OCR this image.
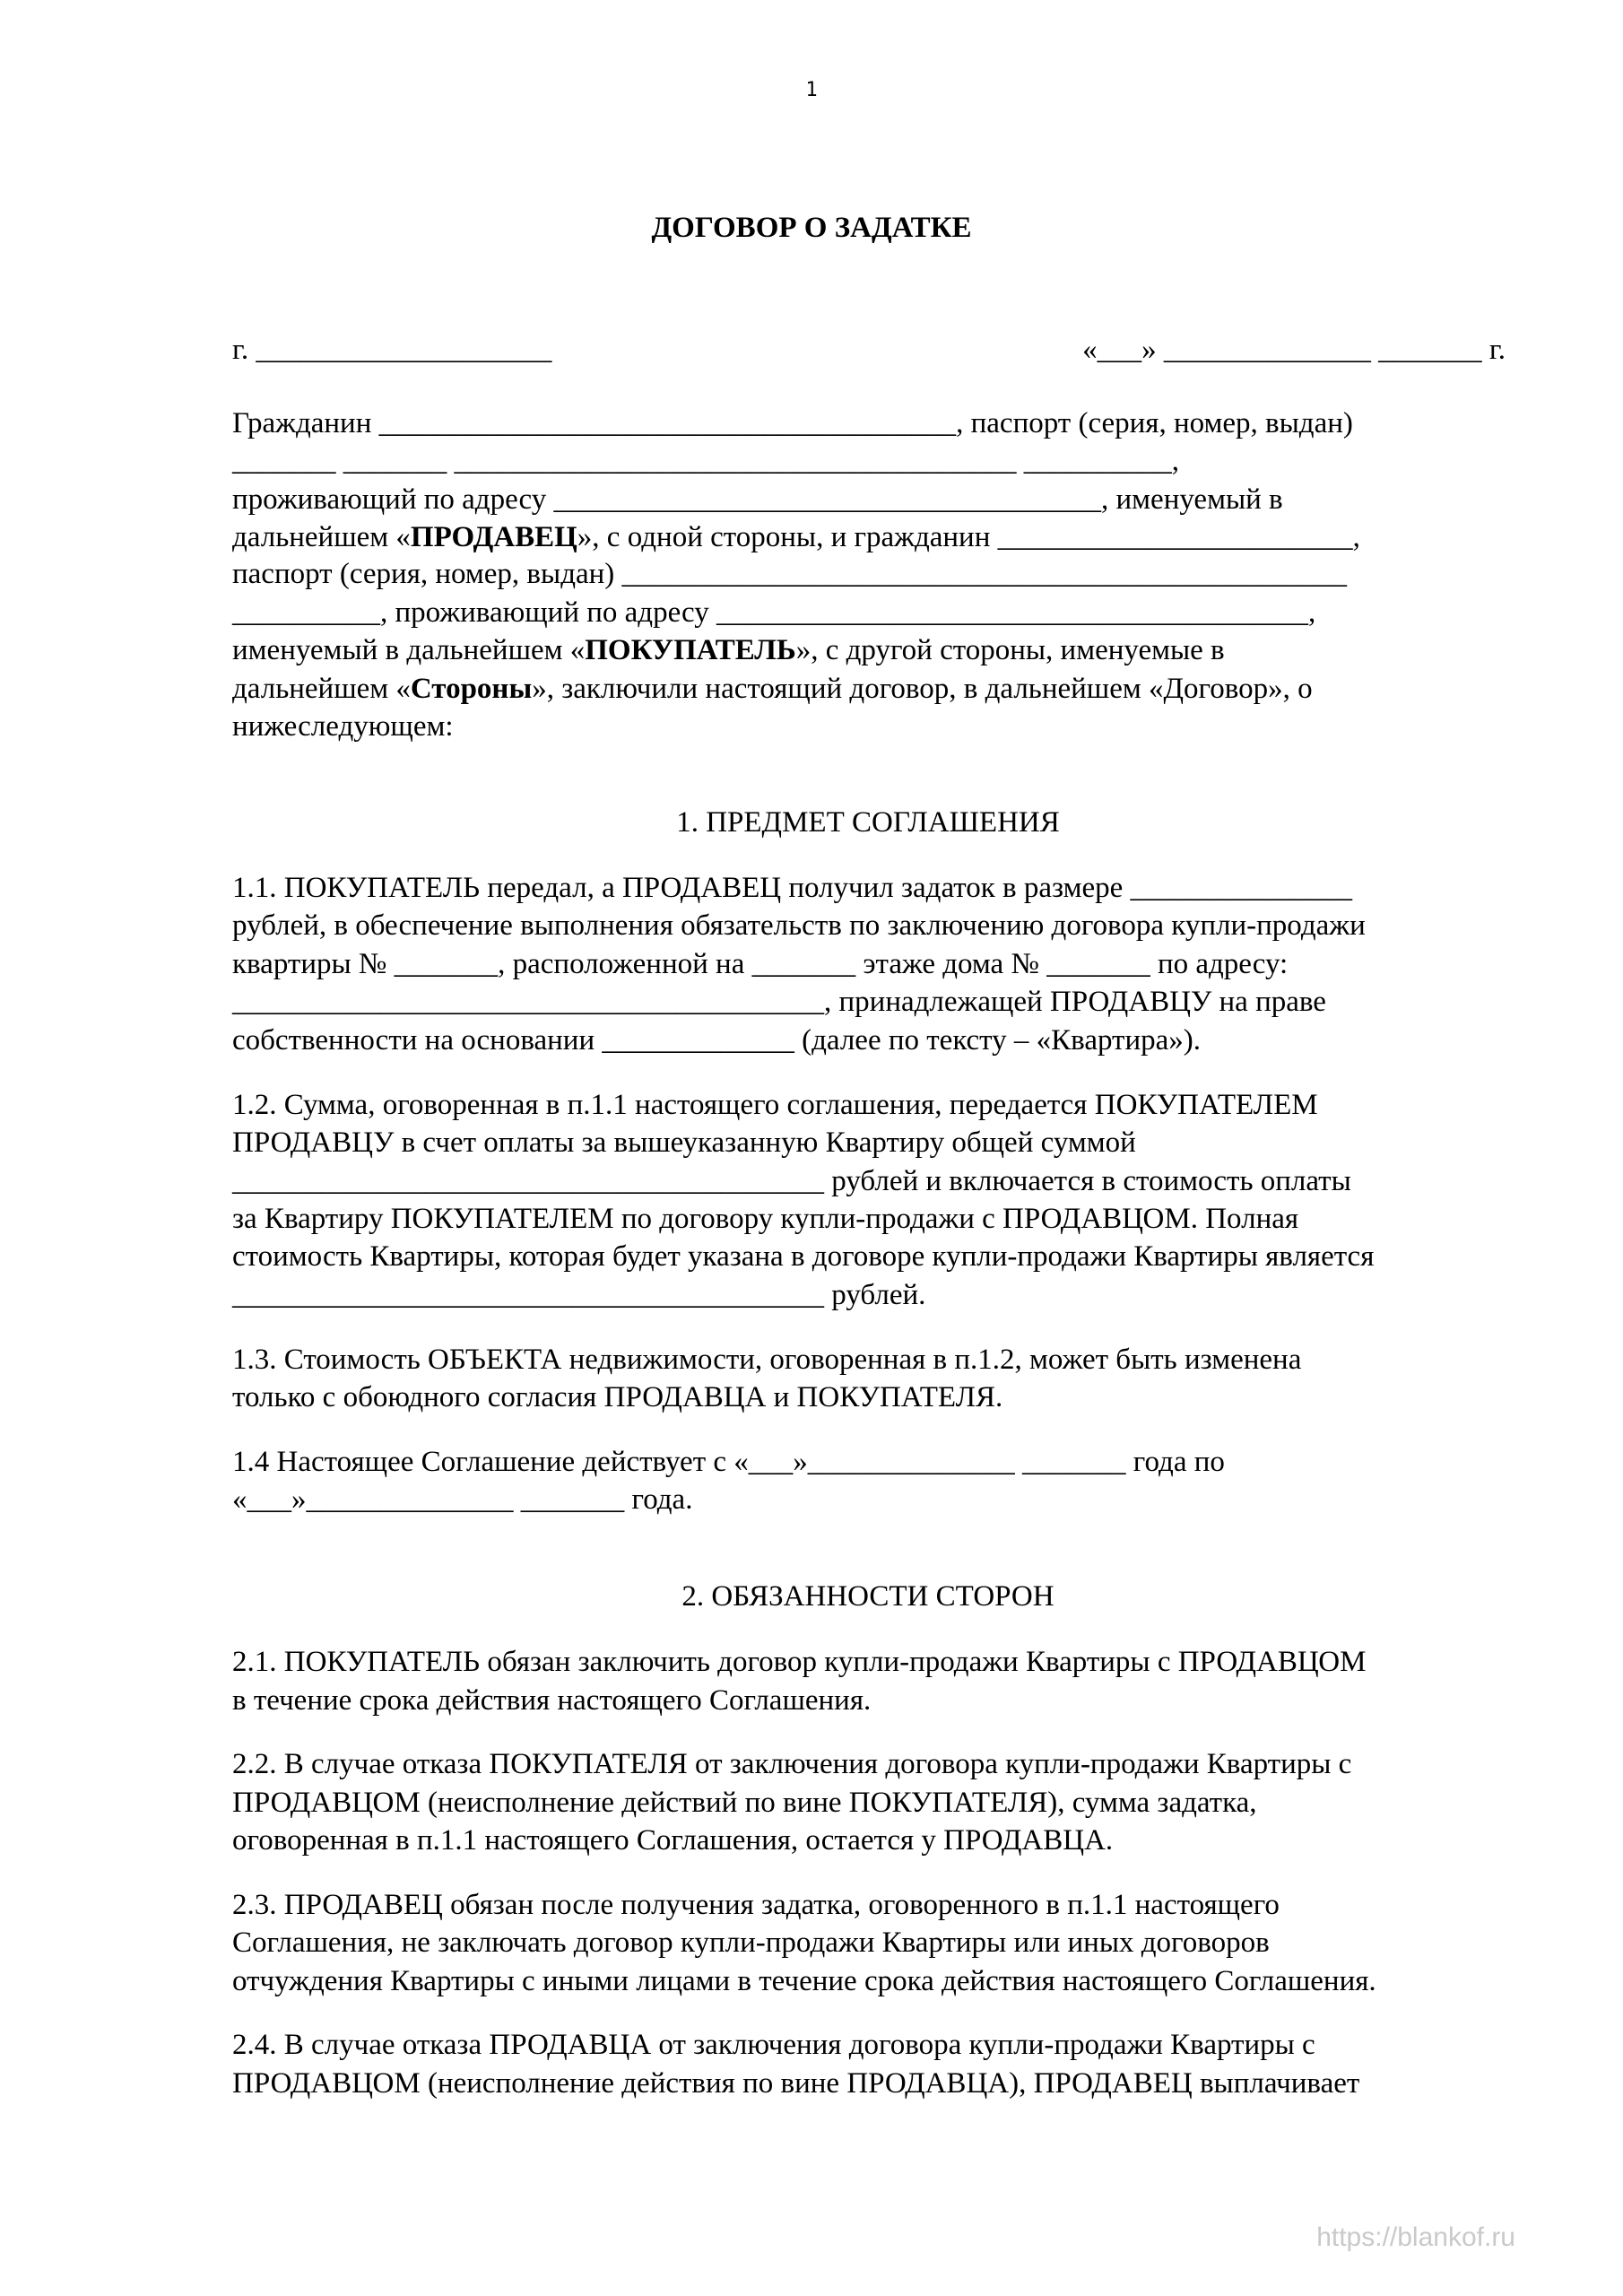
1
ДОГОВОР О ЗАДАТКЕ
г. ____________________	«___» ______________ _______ г.
Гражданин _______________________________________, паспорт (серия, номер, выдан)
_______ _______ ______________________________________ __________,
проживающий по адресу _____________________________________, именуемый в
дальнейшем «ПРОДАВЕЦ», с одной стороны, и гражданин ________________________,
паспорт (серия, номер, выдан) _________________________________________________
__________, проживающий по адресу ________________________________________,
именуемый в дальнейшем «ПОКУПАТЕЛЬ», с другой стороны, именуемые в
дальнейшем «Стороны», заключили настоящий договор, в дальнейшем «Договор», о
нижеследующем:
1. ПРЕДМЕТ СОГЛАШЕНИЯ
1.1. ПОКУПАТЕЛЬ передал, а ПРОДАВЕЦ получил задаток в размере _______________
рублей, в обеспечение выполнения обязательств по заключению договора купли-продажи
квартиры № _______, расположенной на _______ этаже дома № _______ по адресу:
________________________________________, принадлежащей ПРОДАВЦУ на праве
собственности на основании _____________ (далее по тексту – «Квартира»).
1.2. Сумма, оговоренная в п.1.1 настоящего соглашения, передается ПОКУПАТЕЛЕМ
ПРОДАВЦУ в счет оплаты за вышеуказанную Квартиру общей суммой
________________________________________ рублей и включается в стоимость оплаты
за Квартиру ПОКУПАТЕЛЕМ по договору купли-продажи с ПРОДАВЦОМ. Полная
стоимость Квартиры, которая будет указана в договоре купли-продажи Квартиры является
________________________________________ рублей.
1.3. Стоимость ОБЪЕКТА недвижимости, оговоренная в п.1.2, может быть изменена
только с обоюдного согласия ПРОДАВЦА и ПОКУПАТЕЛЯ.
1.4 Настоящее Соглашение действует с «___»______________ _______ года по
«___»______________ _______ года.
2. ОБЯЗАННОСТИ СТОРОН
2.1. ПОКУПАТЕЛЬ обязан заключить договор купли-продажи Квартиры с ПРОДАВЦОМ
в течение срока действия настоящего Соглашения.
2.2. В случае отказа ПОКУПАТЕЛЯ от заключения договора купли-продажи Квартиры с
ПРОДАВЦОМ (неисполнение действий по вине ПОКУПАТЕЛЯ), сумма задатка,
оговоренная в п.1.1 настоящего Соглашения, остается у ПРОДАВЦА.
2.3. ПРОДАВЕЦ обязан после получения задатка, оговоренного в п.1.1 настоящего
Соглашения, не заключать договор купли-продажи Квартиры или иных договоров
отчуждения Квартиры с иными лицами в течение срока действия настоящего Соглашения.
2.4. В случае отказа ПРОДАВЦА от заключения договора купли-продажи Квартиры с
ПРОДАВЦОМ (неисполнение действия по вине ПРОДАВЦА), ПРОДАВЕЦ выплачивает
https://blankof.ru
